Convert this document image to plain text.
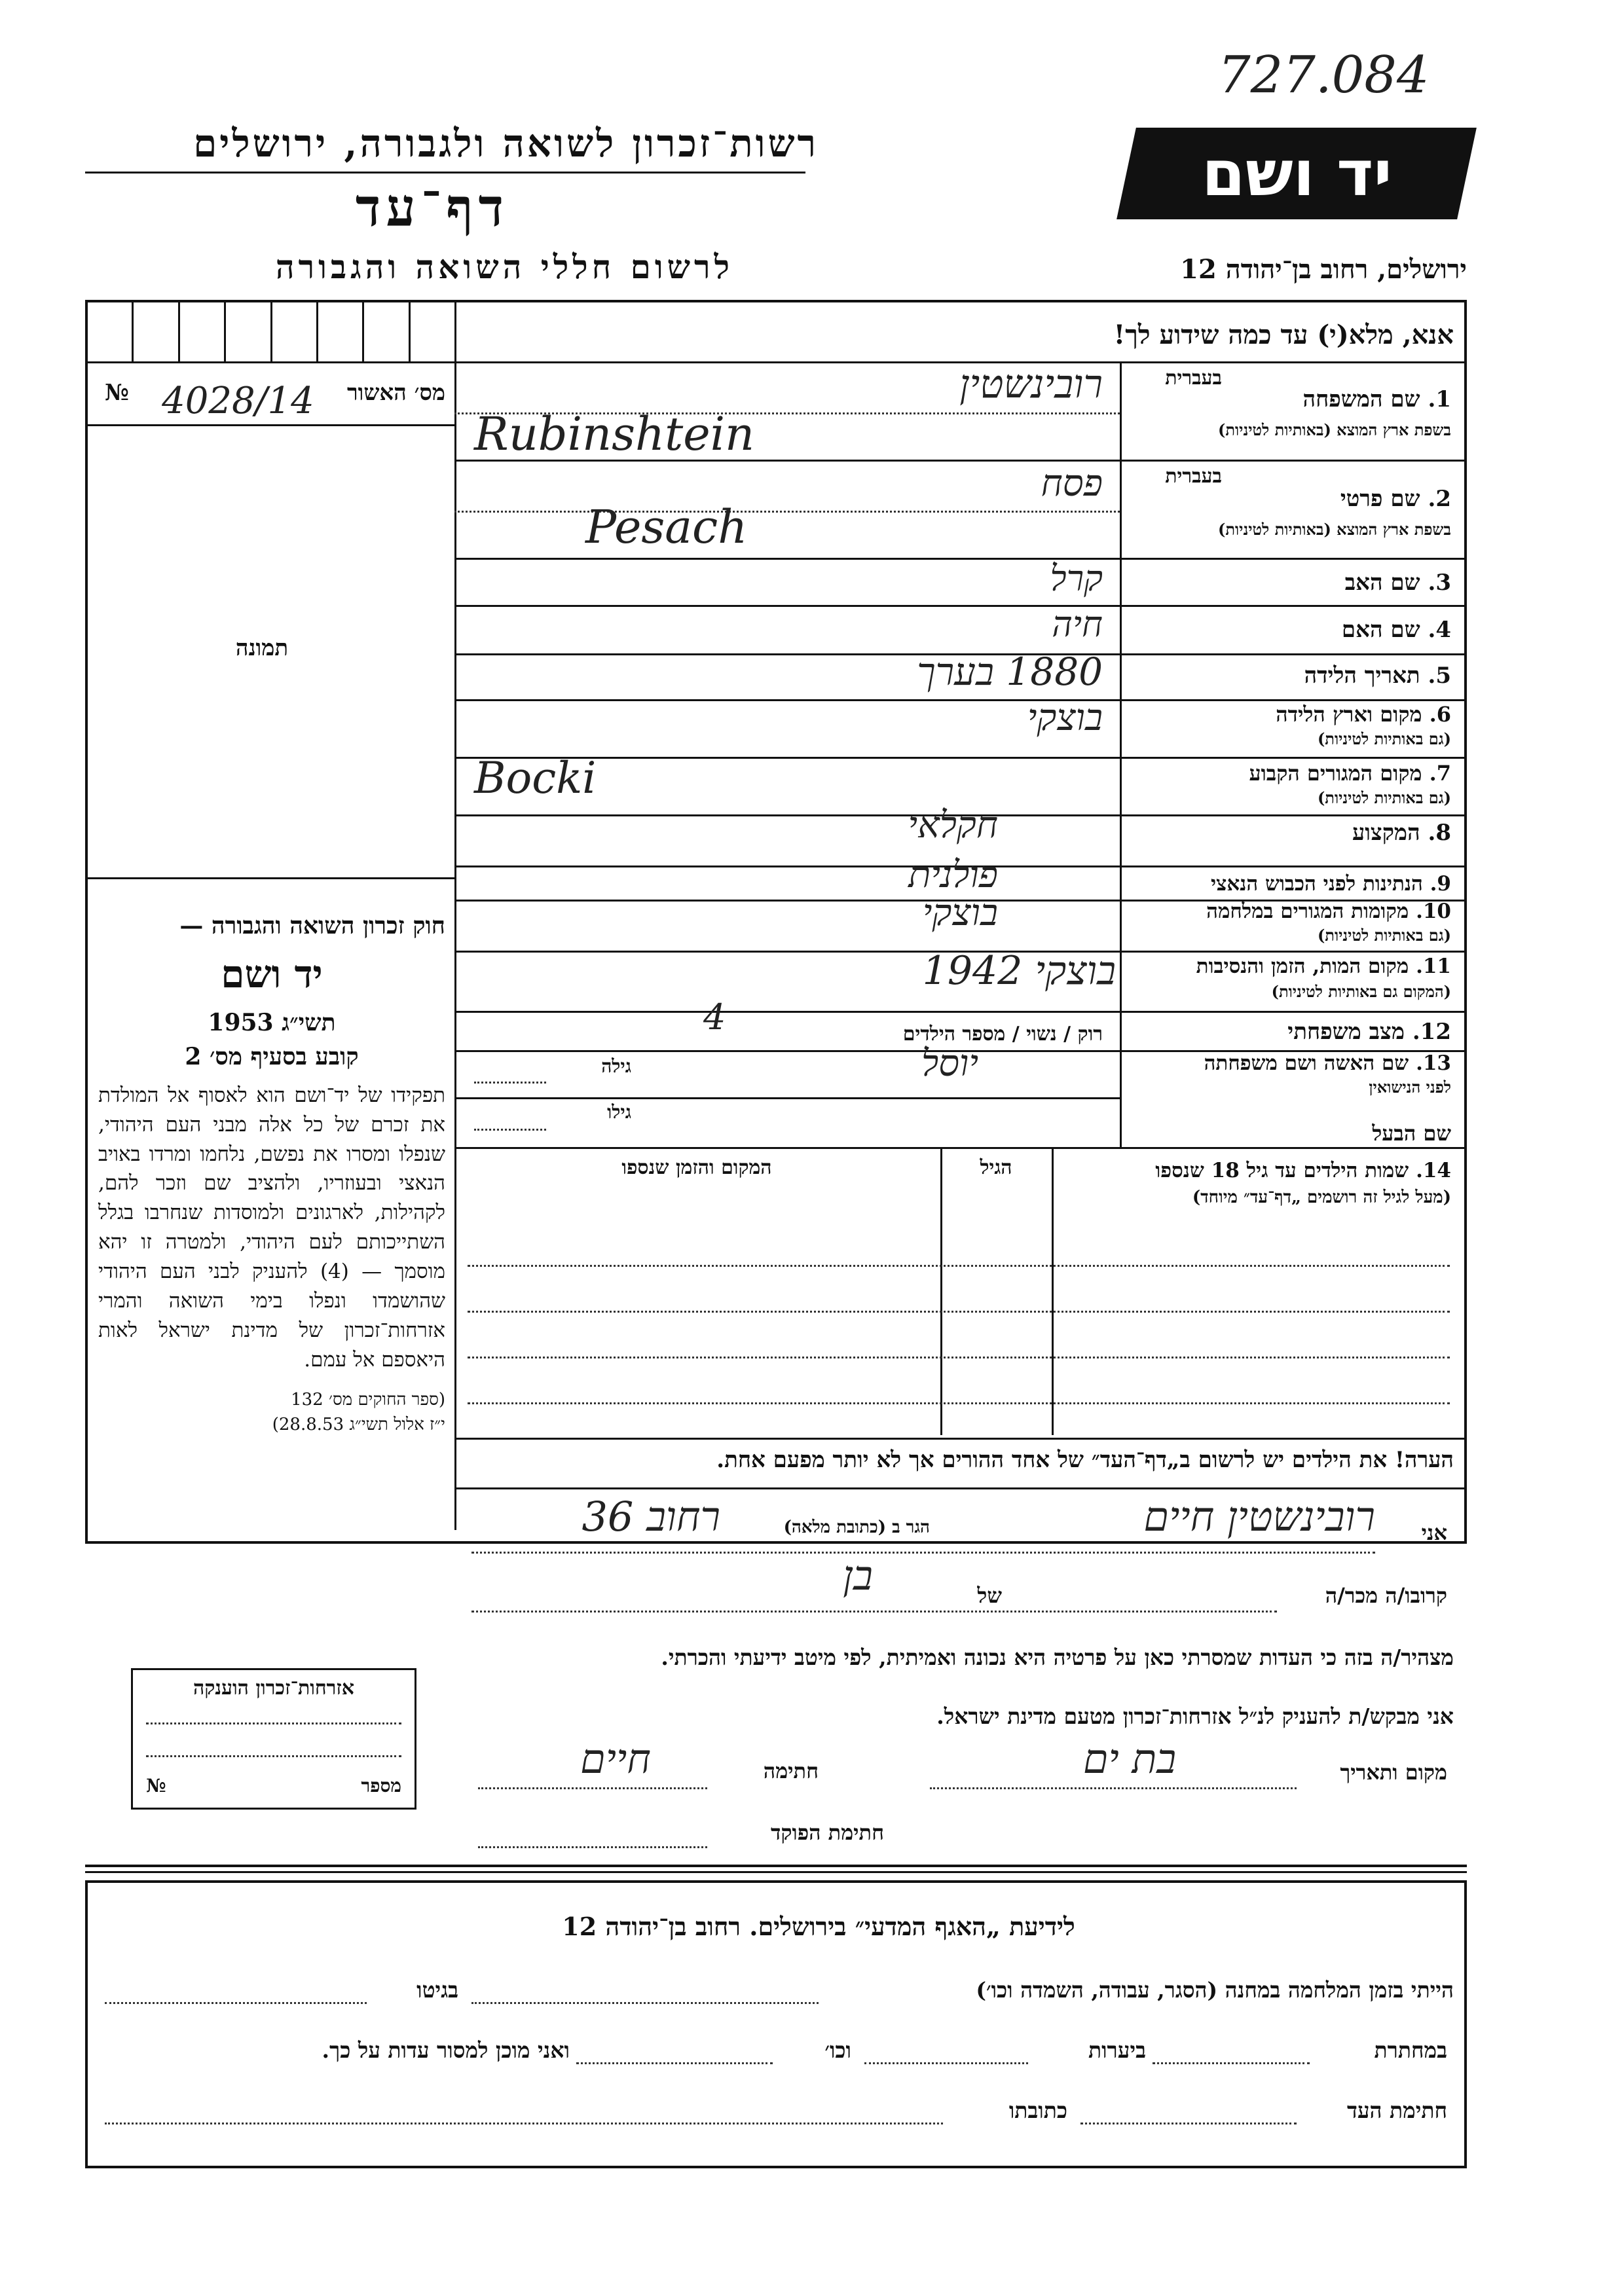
727.084
רשות־זכרון לשואה ולגבורה, ירושלים
דף־עד
לרשום חללי השואה והגבורה
יד ושם
ירושלים, רחוב בן־יהודה 12
אנא, מלא(י) עד כמה שידוע לך!
מס׳ האשור
4028/14
№
תמונה
חוק זכרון השואה והגבורה —
יד ושם
תשי״ג 1953
קובע בסעיף מס׳ 2
תפקידו של יד־ושם הוא לאסוף אל המולדת את זכרם של כל אלה מבני העם היהודי, שנפלו ומסרו את נפשם, נלחמו ומרדו באויב הנאצי ובעוזריו, ולהציב שם וזכר להם, לקהילות, לארגונים ולמוסדות שנחרבו בגלל השתייכותם לעם היהודי, ולמטרה זו יהא מוסמך — (4) להעניק לבני העם היהודי שהושמדו ונפלו בימי השואה והמרי אזרחות־זכרון של מדינת ישראל לאות היאספם אל עמם.
(ספר החוקים מס׳ 132
י״ז אלול תשי״ג 28.8.53)
1. שם המשפחה
בשפת ארץ המוצא (באותיות לטיניות)
בעברית
רובינשטין
Rubinshtein
2. שם פרטי
בשפת ארץ המוצא (באותיות לטיניות)
בעברית
פסח
Pesach
3. שם האב
קרל
4. שם האם
חיה
5. תאריך הלידה
1880 בערך
6. מקום וארץ הלידה
(גם באותיות לטיניות)
בוצקי
7. מקום המגורים הקבוע
(גם באותיות לטיניות)
Bocki
8. המקצוע
חקלאי
9. הנתינות לפני הכבוש הנאצי
פולנית
10. מקומות המגורים במלחמה
(גם באותיות לטיניות)
בוצקי
11. מקום המות, הזמן והנסיבות
(המקום גם באותיות לטיניות)
בוצקי 1942
12. מצב משפחתי
רוק / נשוי / מספר הילדים
4
13. שם האשה ושם משפחתה
לפני הנישואין
גילה	יוסל
שם הבעל
גילו
14. שמות הילדים עד גיל 18 שנספו
(מעל לגיל זה רושמים „דף־עד״ מיוחד)
הגיל
המקום והזמן שנספו
הערה! את הילדים יש לרשום ב„דף־העד״ של אחד ההורים אך לא יותר מפעם אחת.
אני
רובינשטין חיים
הגר ב (כתובת מלאה)
רחוב 36
קרובו/ה מכר/ה
של
בן
מצהיר/ה בזה כי העדות שמסרתי כאן על פרטיה היא נכונה ואמיתית, לפי מיטב ידיעתי והכרתי.
אני מבקש/ת להעניק לנ״ל אזרחות־זכרון מטעם מדינת ישראל.
מקום ותאריך
בת ים
חתימה
חיים
חתימת הפוקד
אזרחות־זכרון הוענקה
מספר
№
לידיעת „האגף המדעי״ בירושלים. רחוב בן־יהודה 12
הייתי בזמן המלחמה במחנה (הסגר, עבודה, השמדה וכו׳)
בגיטו
במחתרת
ביערות
וכו׳
ואני מוכן למסור עדות על כך.
חתימת העד
כתובתו
